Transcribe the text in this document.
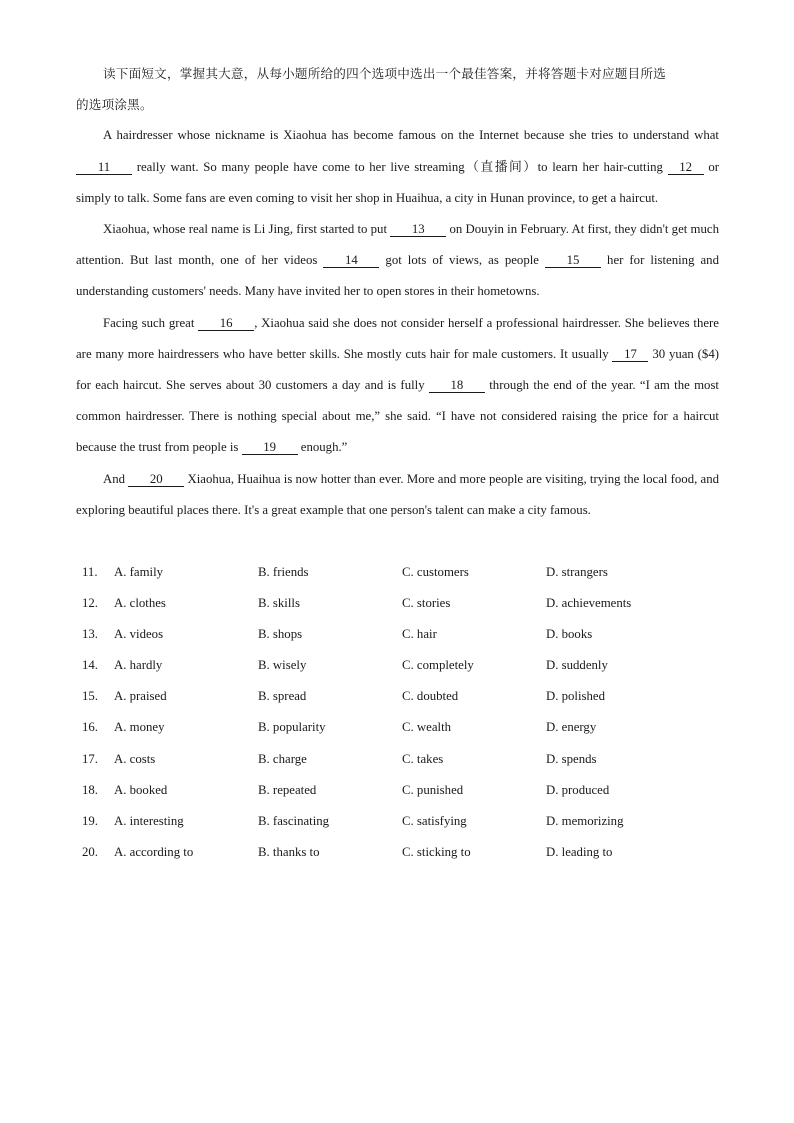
读下面短文，掌握其大意，从每小题所给的四个选项中选出一个最佳答案，并将答题卡对应题目所选
的选项涂黑。

A hairdresser whose nickname is Xiaohua has become famous on the Internet because she tries to understand what 11 really want. So many people have come to her live streaming（直播间）to learn her hair-cutting 12 or simply to talk. Some fans are even coming to visit her shop in Huaihua, a city in Hunan province, to get a haircut.

Xiaohua, whose real name is Li Jing, first started to put 13 on Douyin in February. At first, they didn't get much attention. But last month, one of her videos 14 got lots of views, as people 15 her for listening and understanding customers' needs. Many have invited her to open stores in their hometowns.

Facing such great 16 , Xiaohua said she does not consider herself a professional hairdresser. She believes there are many more hairdressers who have better skills. She mostly cuts hair for male customers. It usually 17 30 yuan ($4) for each haircut. She serves about 30 customers a day and is fully 18 through the end of the year. “I am the most common hairdresser. There is nothing special about me,” she said. “I have not considered raising the price for a haircut because the trust from people is 19 enough.”

And 20 Xiaohua, Huaihua is now hotter than ever. More and more people are visiting, trying the local food, and exploring beautiful places there. It's a great example that one person's talent can make a city famous.

11. A. family	B. friends	C. customers	D. strangers
12. A. clothes	B. skills	C. stories	D. achievements
13. A. videos	B. shops	C. hair	D. books
14. A. hardly	B. wisely	C. completely	D. suddenly
15. A. praised	B. spread	C. doubted	D. polished
16. A. money	B. popularity	C. wealth	D. energy
17. A. costs	B. charge	C. takes	D. spends
18. A. booked	B. repeated	C. punished	D. produced
19. A. interesting	B. fascinating	C. satisfying	D. memorizing
20. A. according to	B. thanks to	C. sticking to	D. leading to
